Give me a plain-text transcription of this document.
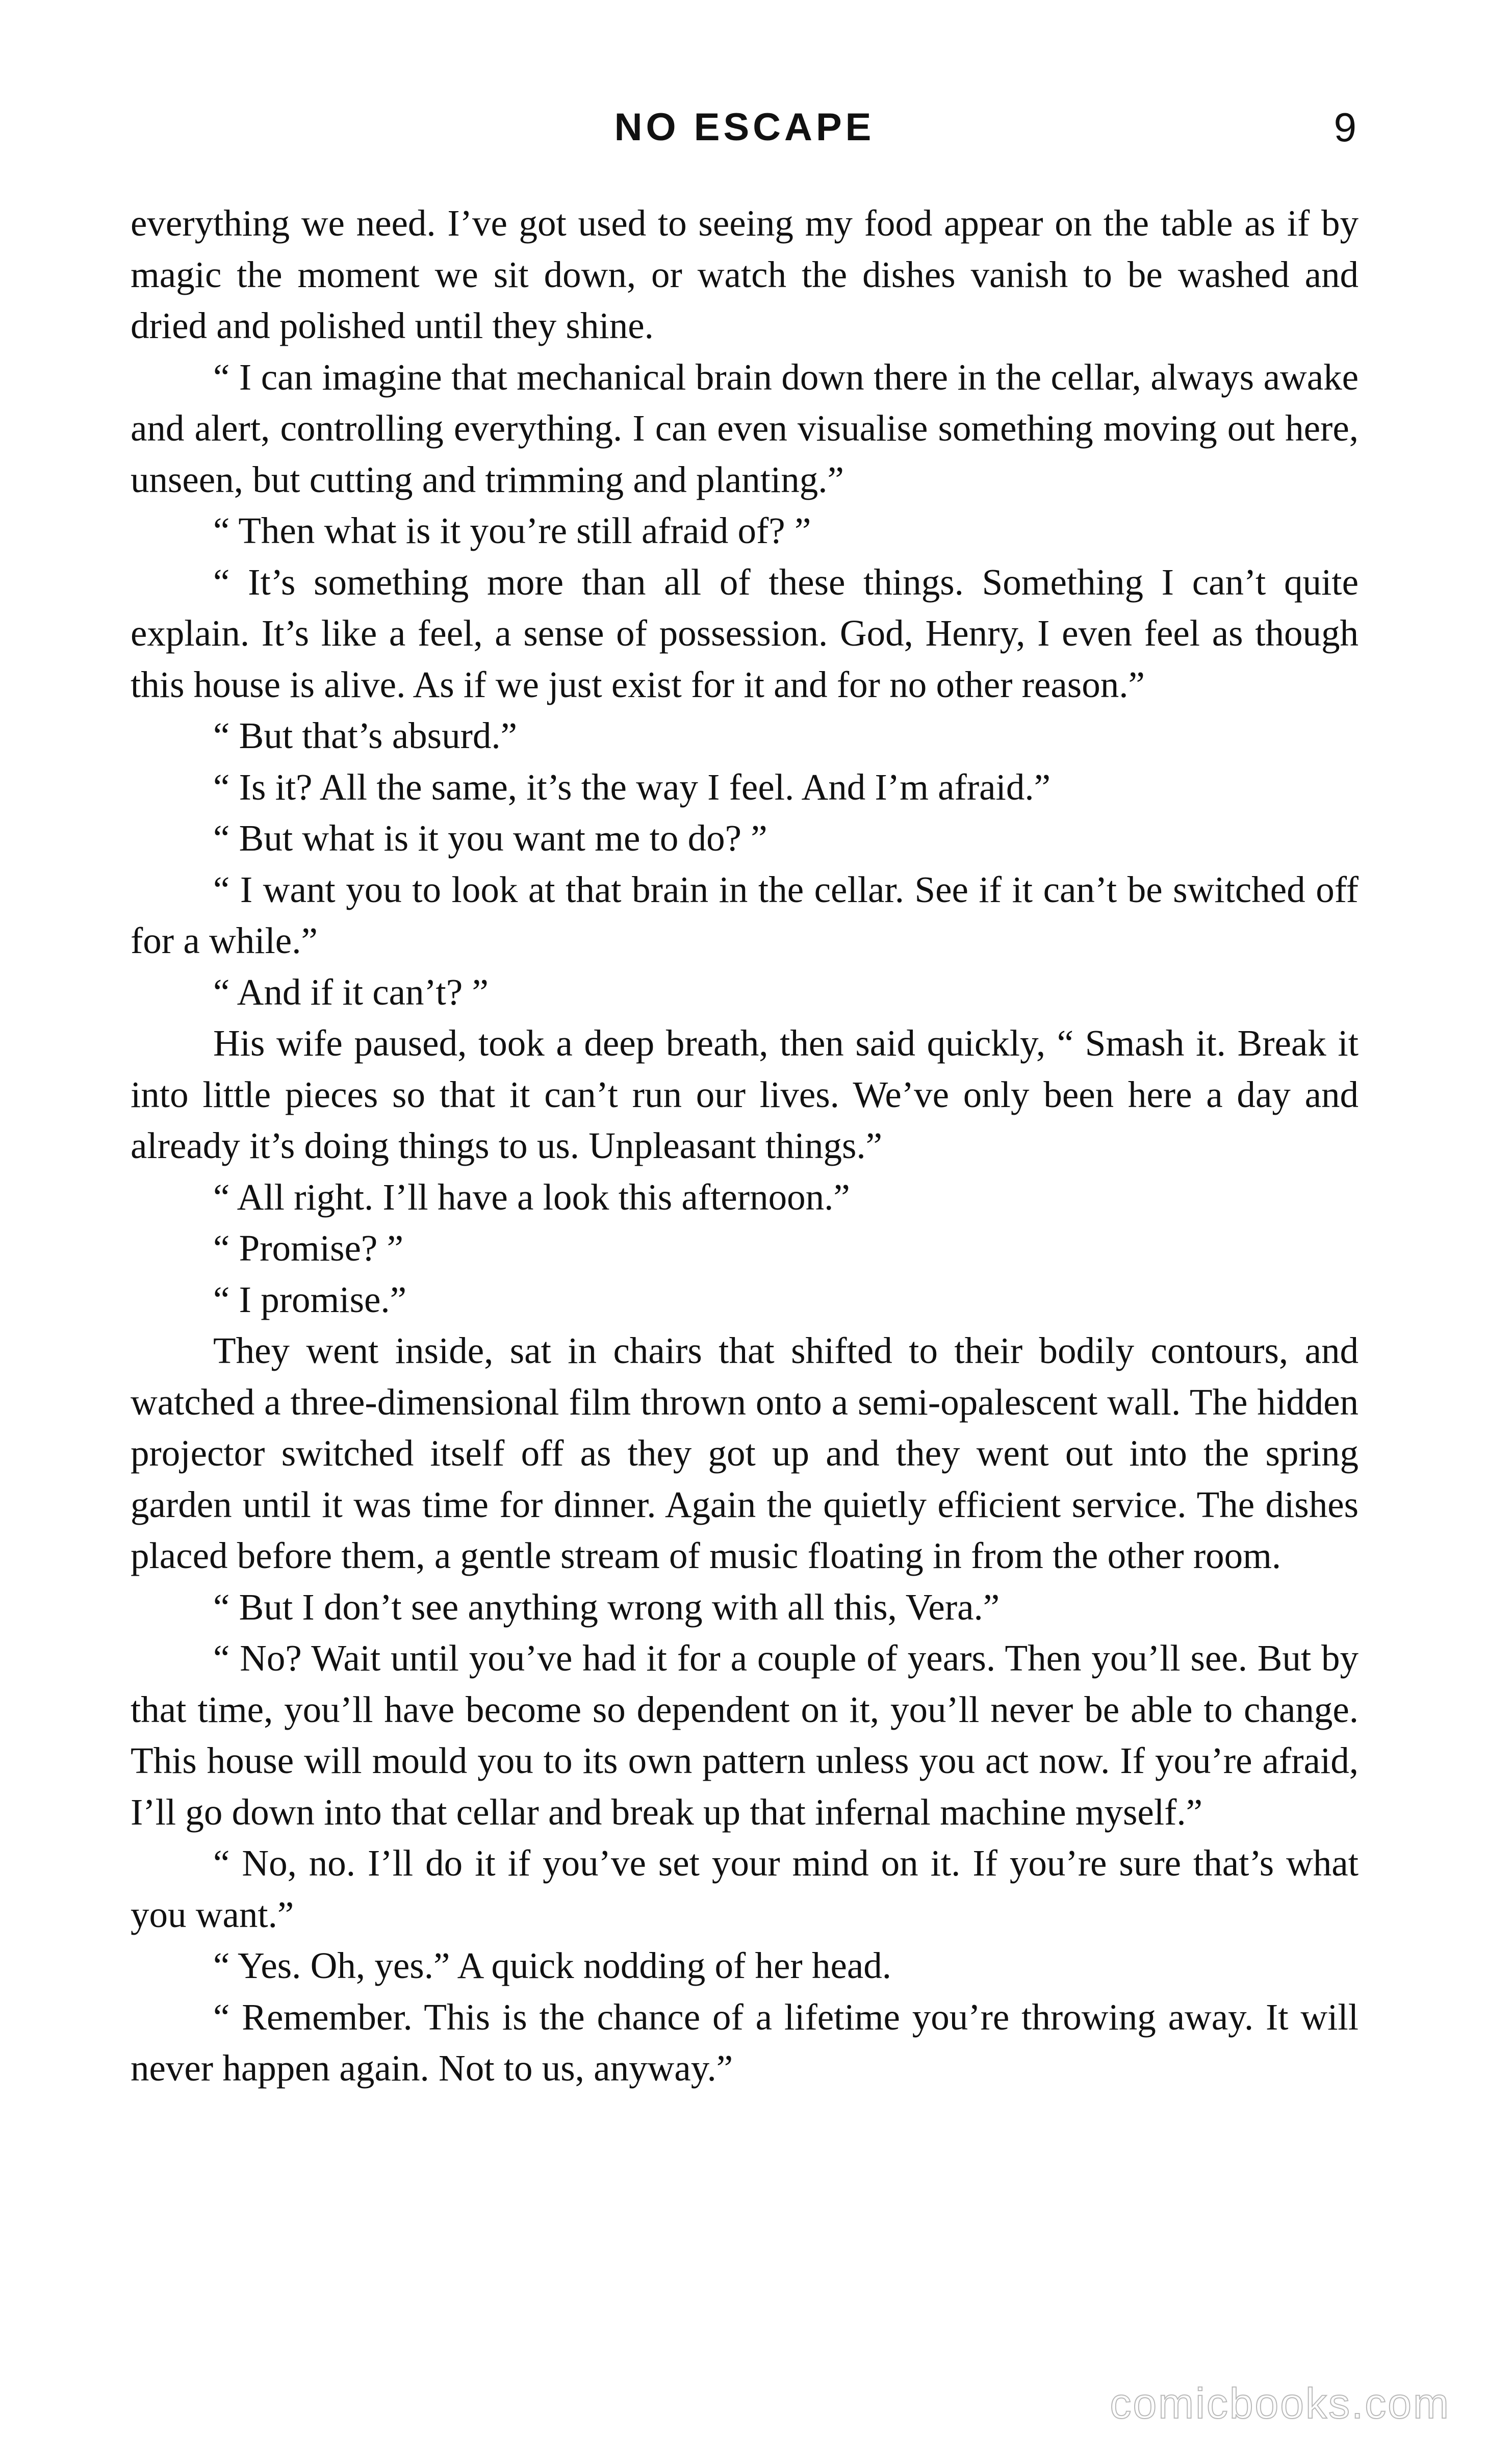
NO ESCAPE	9

everything we need. I’ve got used to seeing my food appear on the table as if by magic the moment we sit down, or watch the dishes vanish to be washed and dried and polished until they shine.

“ I can imagine that mechanical brain down there in the cellar, always awake and alert, controlling everything. I can even visualise something moving out here, unseen, but cutting and trimming and planting.”

“ Then what is it you’re still afraid of? ”

“ It’s something more than all of these things. Something I can’t quite explain. It’s like a feel, a sense of possession. God, Henry, I even feel as though this house is alive. As if we just exist for it and for no other reason.”

“ But that’s absurd.”

“ Is it? All the same, it’s the way I feel. And I’m afraid.”

“ But what is it you want me to do? ”

“ I want you to look at that brain in the cellar. See if it can’t be switched off for a while.”

“ And if it can’t? ”

His wife paused, took a deep breath, then said quickly, “ Smash it. Break it into little pieces so that it can’t run our lives. We’ve only been here a day and already it’s doing things to us. Unpleasant things.”

“ All right. I’ll have a look this afternoon.”

“ Promise? ”

“ I promise.”

They went inside, sat in chairs that shifted to their bodily contours, and watched a three-dimensional film thrown onto a semi-opalescent wall. The hidden projector switched itself off as they got up and they went out into the spring garden until it was time for dinner. Again the quietly efficient service. The dishes placed before them, a gentle stream of music floating in from the other room.

“ But I don’t see anything wrong with all this, Vera.”

“ No? Wait until you’ve had it for a couple of years. Then you’ll see. But by that time, you’ll have become so dependent on it, you’ll never be able to change. This house will mould you to its own pattern unless you act now. If you’re afraid, I’ll go down into that cellar and break up that infernal machine myself.”

“ No, no. I’ll do it if you’ve set your mind on it. If you’re sure that’s what you want.”

“ Yes. Oh, yes.” A quick nodding of her head.

“ Remember. This is the chance of a lifetime you’re throwing away. It will never happen again. Not to us, anyway.”

comicbooks.com
